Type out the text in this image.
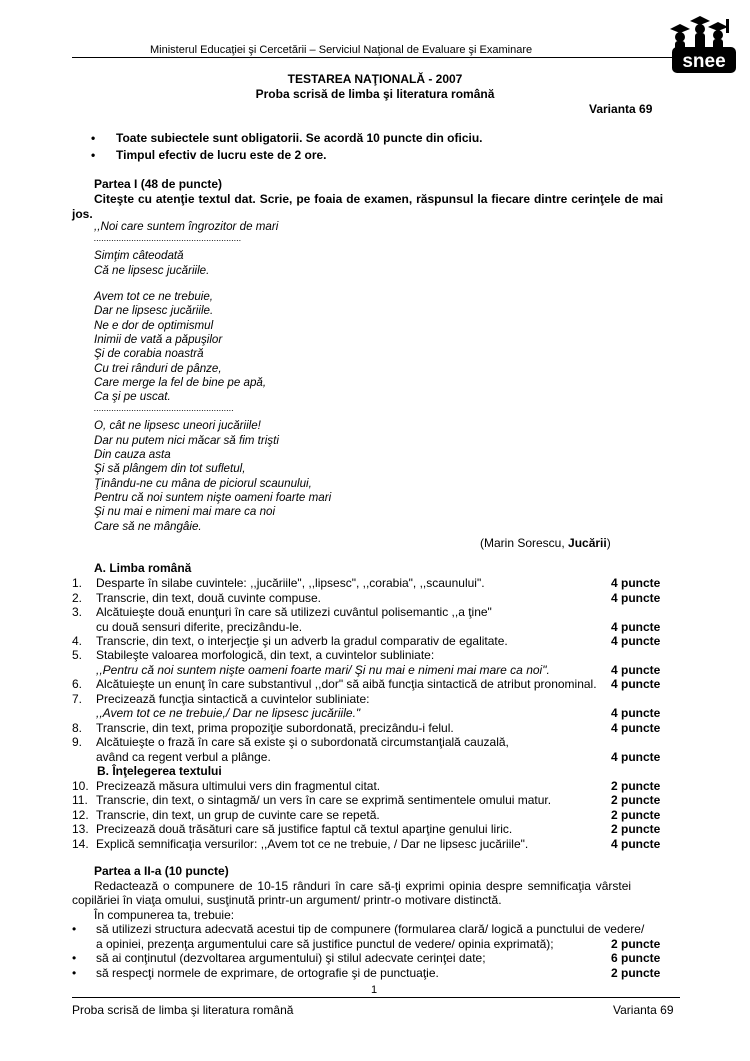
Ministerul Educaţiei şi Cercetării – Serviciul Naţional de Evaluare şi Examinare
snee
TESTAREA NAŢIONALĂ - 2007
Proba scrisă de limba şi literatura română
Varianta 69
• Toate subiectele sunt obligatorii. Se acordă 10 puncte din oficiu.
• Timpul efectiv de lucru este de 2 ore.
Partea I (48 de puncte)
Citeşte cu atenţie textul dat. Scrie, pe foaia de examen, răspunsul la fiecare dintre cerinţele de mai
jos.
,,Noi care suntem îngrozitor de mari
...........................................................
Simţim câteodată
Că ne lipsesc jucăriile.
Avem tot ce ne trebuie,
Dar ne lipsesc jucăriile.
Ne e dor de optimismul
Inimii de vată a păpuşilor
Şi de corabia noastră
Cu trei rânduri de pânze,
Care merge la fel de bine pe apă,
Ca şi pe uscat.
........................................................
O, cât ne lipsesc uneori jucăriile!
Dar nu putem nici măcar să fim trişti
Din cauza asta
Şi să plângem din tot sufletul,
Ţinându-ne cu mâna de piciorul scaunului,
Pentru că noi suntem nişte oameni foarte mari
Şi nu mai e nimeni mai mare ca noi
Care să ne mângâie.
(Marin Sorescu, Jucării)
A. Limba română
1. Desparte în silabe cuvintele: ,,jucăriile", ,,lipsesc", ,,corabia", ,,scaunului".	4 puncte
2. Transcrie, din text, două cuvinte compuse.	4 puncte
3. Alcătuieşte două enunţuri în care să utilizezi cuvântul polisemantic ,,a ţine"
cu două sensuri diferite, precizându-le.	4 puncte
4. Transcrie, din text, o interjecţie şi un adverb la gradul comparativ de egalitate.	4 puncte
5. Stabileşte valoarea morfologică, din text, a cuvintelor subliniate:
,,Pentru că noi suntem nişte oameni foarte mari/ Şi nu mai e nimeni mai mare ca noi".	4 puncte
6. Alcătuieşte un enunţ în care substantivul ,,dor" să aibă funcţia sintactică de atribut pronominal. 4 puncte
7. Precizează funcţia sintactică a cuvintelor subliniate:
,,Avem tot ce ne trebuie,/ Dar ne lipsesc jucăriile."	4 puncte
8. Transcrie, din text, prima propoziţie subordonată, precizându-i felul.	4 puncte
9. Alcătuieşte o frază în care să existe şi o subordonată circumstanţială cauzală,
având ca regent verbul a plânge.	4 puncte
B. Înţelegerea textului
10. Precizează măsura ultimului vers din fragmentul citat.	2 puncte
11. Transcrie, din text, o sintagmă/ un vers în care se exprimă sentimentele omului matur.	2 puncte
12. Transcrie, din text, un grup de cuvinte care se repetă.	2 puncte
13. Precizează două trăsături care să justifice faptul că textul aparţine genului liric.	2 puncte
14. Explică semnificaţia versurilor: ,,Avem tot ce ne trebuie, / Dar ne lipsesc jucăriile".	4 puncte
Partea a II-a (10 puncte)
Redactează o compunere de 10-15 rânduri în care să-ţi exprimi opinia despre semnificaţia vârstei
copilăriei în viaţa omului, susţinută printr-un argument/ printr-o motivare distinctă.
În compunerea ta, trebuie:
• să utilizezi structura adecvată acestui tip de compunere (formularea clară/ logică a punctului de vedere/
a opiniei, prezenţa argumentului care să justifice punctul de vedere/ opinia exprimată);	2 puncte
• să ai conţinutul (dezvoltarea argumentului) şi stilul adecvate cerinţei date;	6 puncte
• să respecţi normele de exprimare, de ortografie şi de punctuaţie.	2 puncte
1
Proba scrisă de limba şi literatura română	Varianta 69
